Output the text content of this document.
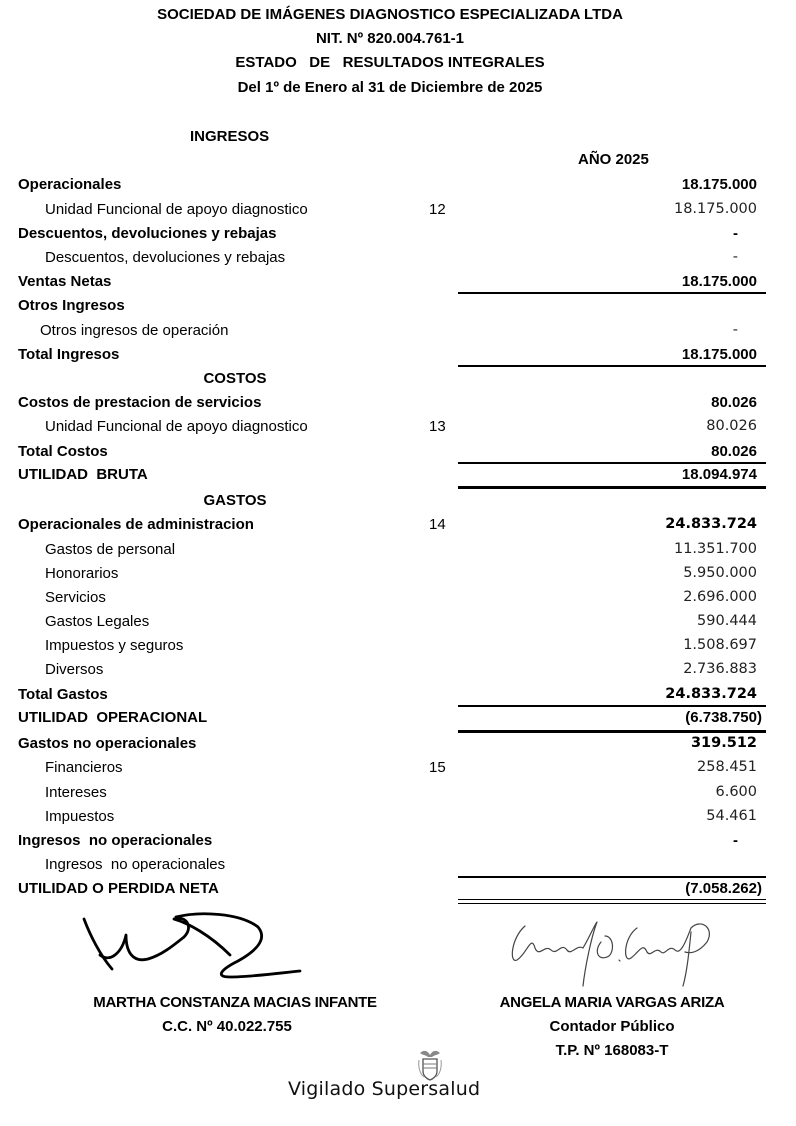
SOCIEDAD DE IMÁGENES DIAGNOSTICO ESPECIALIZADA LTDA
NIT. Nº 820.004.761-1
ESTADO   DE   RESULTADOS INTEGRALES
Del 1º de Enero al 31 de Diciembre de 2025
INGRESOS
AÑO 2025
Operacionales	18.175.000
Unidad Funcional de apoyo diagnostico	12	18.175.000
Descuentos, devoluciones y rebajas	-
Descuentos, devoluciones y rebajas	-
Ventas Netas	18.175.000
Otros Ingresos
Otros ingresos de operación	-
Total Ingresos	18.175.000
COSTOS
Costos de prestacion de servicios	80.026
Unidad Funcional de apoyo diagnostico	13	80.026
Total Costos	80.026
UTILIDAD  BRUTA	18.094.974
GASTOS
Operacionales de administracion	14	24.833.724
Gastos de personal	11.351.700
Honorarios	5.950.000
Servicios	2.696.000
Gastos Legales	590.444
Impuestos y seguros	1.508.697
Diversos	2.736.883
Total Gastos	24.833.724
UTILIDAD  OPERACIONAL	(6.738.750)
Gastos no operacionales	319.512
Financieros	15	258.451
Intereses	6.600
Impuestos	54.461
Ingresos  no operacionales	-
Ingresos  no operacionales
UTILIDAD O PERDIDA NETA	(7.058.262)
MARTHA CONSTANZA MACIAS INFANTE
C.C. Nº 40.022.755
ANGELA MARIA VARGAS ARIZA
Contador Público
T.P. Nº 168083-T
Vigilado Supersalud
